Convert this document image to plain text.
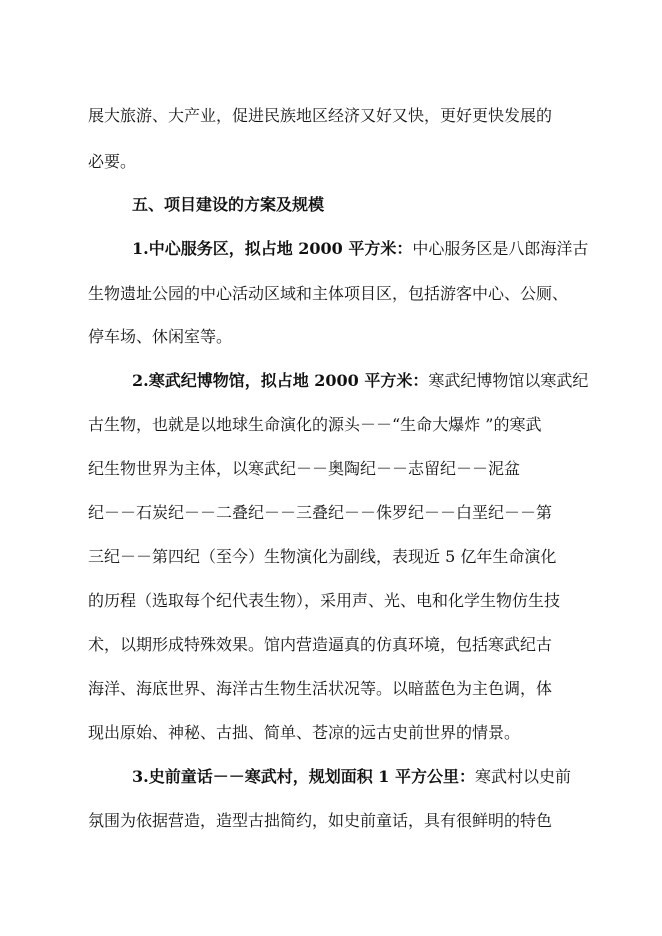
展大旅游、大产业，促进民族地区经济又好又快，更好更快发展的
必要。
五、项目建设的方案及规模
1.中心服务区，拟占地 2000 平方米：中心服务区是八郎海洋古
生物遗址公园的中心活动区域和主体项目区，包括游客中心、公厕、
停车场、休闲室等。
2.寒武纪博物馆，拟占地 2000 平方米：寒武纪博物馆以寒武纪
古生物，也就是以地球生命演化的源头－－“生命大爆炸 ”的寒武
纪生物世界为主体，以寒武纪－－奥陶纪－－志留纪－－泥盆
纪－－石炭纪－－二叠纪－－三叠纪－－侏罗纪－－白垩纪－－第
三纪－－第四纪（至今）生物演化为副线，表现近 5 亿年生命演化
的历程（选取每个纪代表生物），采用声、光、电和化学生物仿生技
术，以期形成特殊效果。馆内营造逼真的仿真环境，包括寒武纪古
海洋、海底世界、海洋古生物生活状况等。以暗蓝色为主色调，体
现出原始、神秘、古拙、简单、苍凉的远古史前世界的情景。
3.史前童话－－寒武村，规划面积 1 平方公里：寒武村以史前
氛围为依据营造，造型古拙简约，如史前童话，具有很鲜明的特色
